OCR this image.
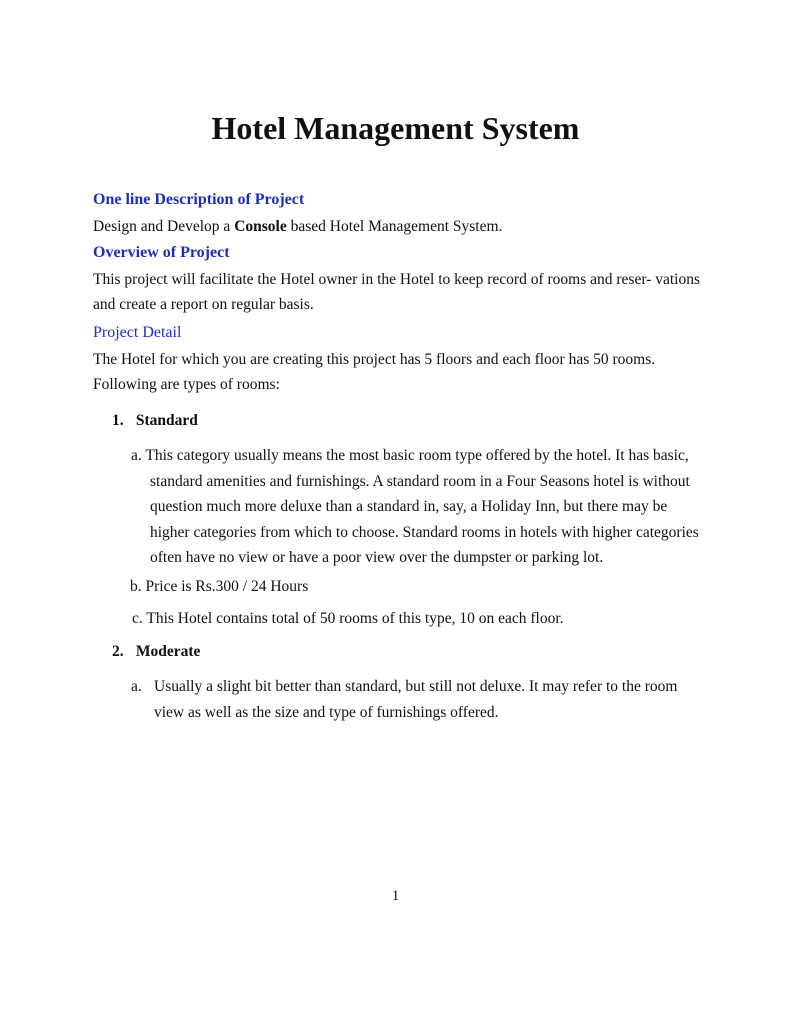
Hotel Management System

One line Description of Project

Design and Develop a Console based Hotel Management System.

Overview of Project

This project will facilitate the Hotel owner in the Hotel to keep record of rooms and reser- vations
and create a report on regular basis.

Project Detail

The Hotel for which you are creating this project has 5 floors and each floor has 50 rooms.
Following are types of rooms:

1. Standard

a. This category usually means the most basic room type offered by the hotel. It has basic,
standard amenities and furnishings. A standard room in a Four Seasons hotel is without
question much more deluxe than a standard in, say, a Holiday Inn, but there may be
higher categories from which to choose. Standard rooms in hotels with higher categories
often have no view or have a poor view over the dumpster or parking lot.

b. Price is Rs.300 / 24 Hours

c. This Hotel contains total of 50 rooms of this type, 10 on each floor.

2. Moderate

a. Usually a slight bit better than standard, but still not deluxe. It may refer to the room
view as well as the size and type of furnishings offered.
1
